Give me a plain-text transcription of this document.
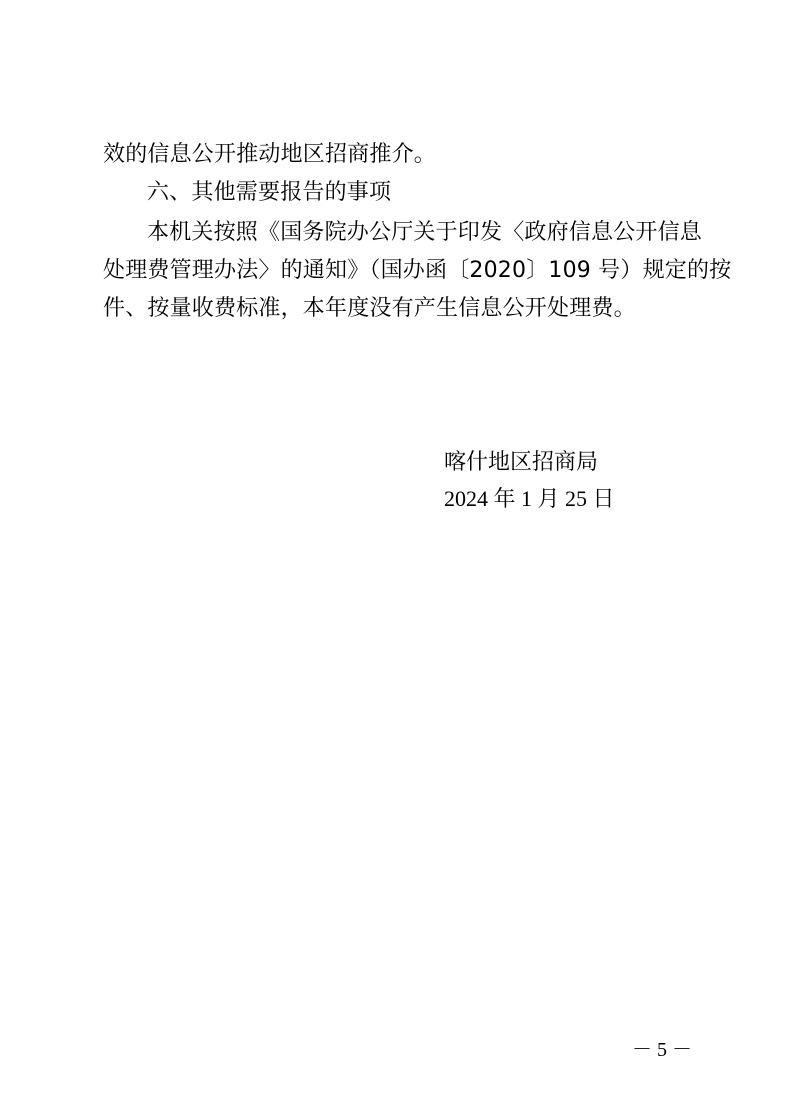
效的信息公开推动地区招商推介。
六、其他需要报告的事项
本机关按照《国务院办公厅关于印发〈政府信息公开信息
处理费管理办法〉的通知》（国办函〔2020〕109 号）规定的按
件、按量收费标准，本年度没有产生信息公开处理费。
喀什地区招商局
2024 年 1 月 25 日
－ 5 －
